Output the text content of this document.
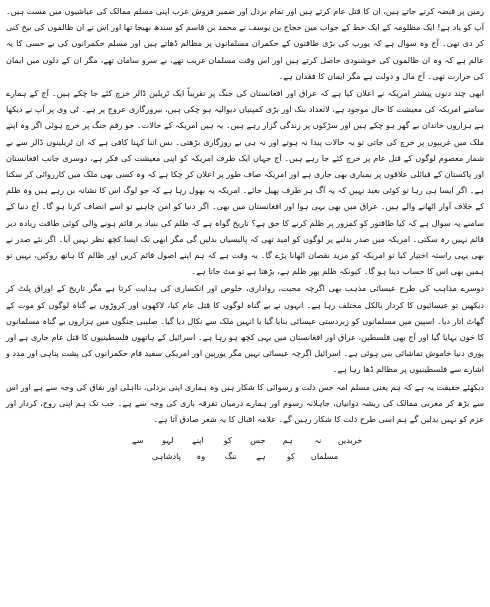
زمین پر قبضہ کرتے جاتے ہیں، ان کا قتل عام کرتے ہیں اور تمام بزدل اور ضمیر فروش عرب اپنی مسلم ممالک کی عیاشیوں میں مست ہیں۔ آپ کو یاد ہے! ایک مظلومہ کے ایک خط کے جواب میں حجاج بن یوسف نے محمد بن قاسم کو سندھ بھیجا تھا اور اس نے ان ظالموں کی بیخ کنی کر دی تھی۔ آج وہ سوال ہے کہ یورپ کی بڑی طاقتوں کے حکمران مسلمانوں پر مظالم ڈھاتے ہیں اور مسلم حکمرانوں کی بے حسی کا یہ عالم ہے کہ وہ ان ظالموں کی خوشنودی حاصل کرتے ہیں اور اس وقت مسلمان غریب تھے، بے سرو سامان تھے، مگر ان کے دلوں میں ایمان کی حرارت تھی۔ آج مال و دولت ہے مگر ایمان کا فقدان ہے۔

ابھی چند دنوں پیشتر امریکہ نے اعلان کیا ہے کہ عراق اور افغانستان کی جنگ پر تقریباً ایک ٹریلین ڈالر خرچ کئے جا چکے ہیں۔ آج کے ہمارے سامنے امریکہ کی معیشت کا حال موجود ہے، لاتعداد بنک اور بڑی کمپنیاں دیوالیہ ہو چکی ہیں، بیروزگاری عروج پر ہے۔ ٹی وی پر آپ نے دیکھا ہے ہزاروں خاندان بے گھر ہو چکے ہیں اور سڑکوں پر زندگی گزار رہے ہیں۔ یہ ہیں امریکہ کے حالات۔ جو رقم جنگ پر خرچ ہوئی اگر وہ اپنے ملک میں غریبوں پر خرچ کی جاتی تو یہ حالات پیدا نہ ہوتے اور نہ ہی بے روزگاری بڑھتی۔ بس اتنا کہنا کافی ہے کہ ان ٹریلینوں ڈالر سے بے شمار معصوم لوگوں کے قتل عام پر خرچ کئے جا رہے ہیں۔ آج جہاں ایک طرف امریکہ کو اپنی معیشت کی فکر ہے، دوسری جانب افغانستان اور پاکستان کے قبائلی علاقوں پر بمباری بھی جاری ہے اور امریکہ صاف طور پر اعلان کر چکا ہے کہ وہ کسی بھی ملک میں کارروائی کر سکتا ہے۔ اگر ایسا ہی رہا تو کوئی بعید نہیں کہ یہ آگ ہر طرف پھیل جائے۔ امریکہ یہ بھول رہا ہے کہ جو لوگ اس کا نشانہ بن رہے ہیں وہ ظلم کے خلاف آواز اٹھانے والے ہیں۔ عراق میں بھی یہی ہوا اور افغانستان میں بھی۔ اگر دنیا کو امن چاہیے تو اسے انصاف کرنا ہو گا۔ آج دنیا کے سامنے یہ سوال ہے کہ کیا طاقتور کو کمزور پر ظلم کرنے کا حق ہے؟ تاریخ گواہ ہے کہ ظلم کی بنیاد پر قائم ہونے والی کوئی طاقت زیادہ دیر قائم نہیں رہ سکتی۔ امریکہ میں صدر بدلنے پر لوگوں کو امید تھی کہ پالیسیاں بدلیں گی مگر ابھی تک ایسا کچھ نظر نہیں آیا۔ اگر نئے صدر نے بھی یہی راستہ اختیار کیا تو امریکہ کو مزید نقصان اٹھانا پڑے گا۔ یہ وقت ہے کہ ہم اپنے اصول قائم کریں اور ظالم کا ہاتھ روکیں، نہیں تو ہمیں بھی اس کا حساب دینا ہو گا۔ کیونکہ ظلم پھر ظلم ہے، بڑھتا ہے تو مٹ جاتا ہے۔

دوسرے مذاہب کی طرح عیسائی مذہب بھی اگرچہ محبت، رواداری، خلوص اور انکساری کی ہدایت کرتا ہے مگر تاریخ کے اوراق پلٹ کر دیکھیں تو عیسائیوں کا کردار بالکل مختلف رہا ہے۔ انہوں نے بے گناہ لوگوں کا قتل عام کیا، لاکھوں اور کروڑوں بے گناہ لوگوں کو موت کے گھاٹ اتار دیا۔ اسپین میں مسلمانوں کو زبردستی عیسائی بنایا گیا یا انہیں ملک سے نکال دیا گیا۔ صلیبی جنگوں میں ہزاروں بے گناہ مسلمانوں کا خون بہایا گیا اور آج بھی فلسطین، عراق اور افغانستان میں یہی کچھ ہو رہا ہے۔ اسرائیل کے ہاتھوں فلسطینیوں کا قتل عام جاری ہے اور پوری دنیا خاموش تماشائی بنی ہوئی ہے۔ اسرائیل اگرچہ عیسائی نہیں مگر یورپین اور امریکی سفید فام حکمرانوں کی پشت پناہی اور مدد و اشارے سے فلسطینیوں پر مظالم ڈھا رہا ہے۔

دیکھئے حقیقت یہ ہے کہ ہم یعنی مسلم امہ جس ذلت و رسوائی کا شکار ہیں وہ ہماری اپنی بزدلی، نااہلی اور نفاق کی وجہ سے ہے اور اس سے بڑھ کر مغربی ممالک کی ریشہ دوانیاں، جاہلانہ رسوم اور ہمارے درمیان تفرقہ بازی کی وجہ سے ہے۔ جب تک ہم اپنی روح، کردار اور عزم کو نہیں بدلیں گے ہم اسی طرح ذلت کا شکار رہیں گے۔ علامہ اقبال کا یہ شعر صادق آتا ہے۔

خریدیں
نہ
ہم
جس
کو
اپنے
لہو
سے
مسلماں
کو
ہے
ننگ
وہ
پادشاہی
